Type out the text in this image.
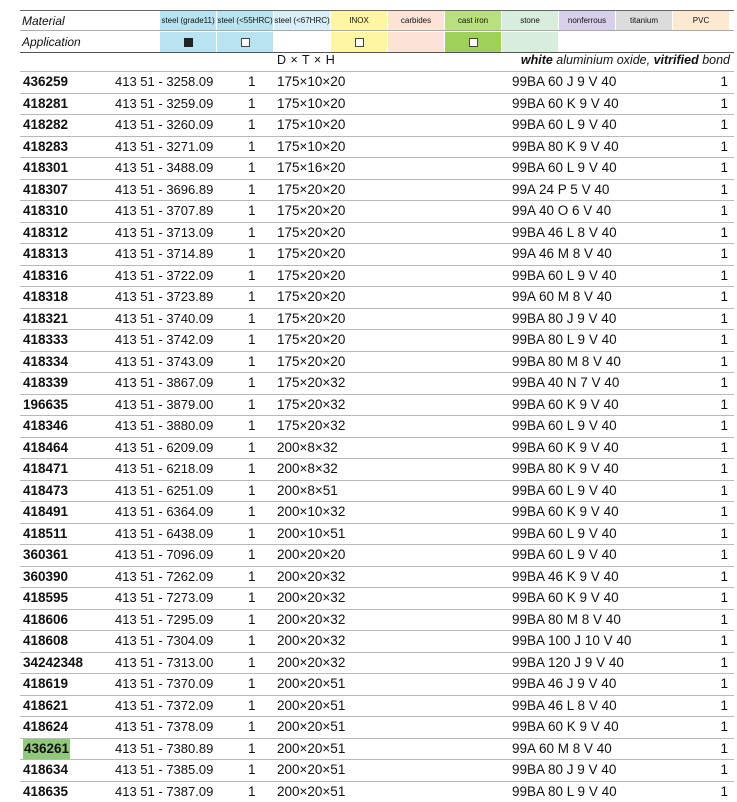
Material	steel (grade11) steel (<55HRC) steel (<67HRC)	INOX	carbides	cast iron	stone	nonferrous	titanium	PVC
Application
D × T × H	white aluminium oxide, vitrified bond
436259	413 51 - 3258.09	1 175×10×20	99BA 60 J 9 V 40	1
418281	413 51 - 3259.09	1 175×10×20	99BA 60 K 9 V 40	1
418282	413 51 - 3260.09	1 175×10×20	99BA 60 L 9 V 40	1
418283	413 51 - 3271.09	1 175×10×20	99BA 80 K 9 V 40	1
418301	413 51 - 3488.09	1 175×16×20	99BA 60 L 9 V 40	1
418307	413 51 - 3696.89	1 175×20×20	99A 24 P 5 V 40	1
418310	413 51 - 3707.89	1 175×20×20	99A 40 O 6 V 40	1
418312	413 51 - 3713.09	1 175×20×20	99BA 46 L 8 V 40	1
418313	413 51 - 3714.89	1 175×20×20	99A 46 M 8 V 40	1
418316	413 51 - 3722.09	1 175×20×20	99BA 60 L 9 V 40	1
418318	413 51 - 3723.89	1 175×20×20	99A 60 M 8 V 40	1
418321	413 51 - 3740.09	1 175×20×20	99BA 80 J 9 V 40	1
418333	413 51 - 3742.09	1 175×20×20	99BA 80 L 9 V 40	1
418334	413 51 - 3743.09	1 175×20×20	99BA 80 M 8 V 40	1
418339	413 51 - 3867.09	1 175×20×32	99BA 40 N 7 V 40	1
196635	413 51 - 3879.00	1 175×20×32	99BA 60 K 9 V 40	1
418346	413 51 - 3880.09	1 175×20×32	99BA 60 L 9 V 40	1
418464	413 51 - 6209.09	1 200×8×32	99BA 60 K 9 V 40	1
418471	413 51 - 6218.09	1 200×8×32	99BA 80 K 9 V 40	1
418473	413 51 - 6251.09	1 200×8×51	99BA 60 L 9 V 40	1
418491	413 51 - 6364.09	1 200×10×32	99BA 60 K 9 V 40	1
418511	413 51 - 6438.09	1 200×10×51	99BA 60 L 9 V 40	1
360361	413 51 - 7096.09	1 200×20×20	99BA 60 L 9 V 40	1
360390	413 51 - 7262.09	1 200×20×32	99BA 46 K 9 V 40	1
418595	413 51 - 7273.09	1 200×20×32	99BA 60 K 9 V 40	1
418606	413 51 - 7295.09	1 200×20×32	99BA 80 M 8 V 40	1
418608	413 51 - 7304.09	1 200×20×32	99BA 100 J 10 V 40	1
34242348 413 51 - 7313.00	1 200×20×32	99BA 120 J 9 V 40	1
418619	413 51 - 7370.09	1 200×20×51	99BA 46 J 9 V 40	1
418621	413 51 - 7372.09	1 200×20×51	99BA 46 L 8 V 40	1
418624	413 51 - 7378.09	1 200×20×51	99BA 60 K 9 V 40	1
436261	413 51 - 7380.89	1 200×20×51	99A 60 M 8 V 40	1
418634	413 51 - 7385.09	1 200×20×51	99BA 80 J 9 V 40	1
418635	413 51 - 7387.09	1 200×20×51	99BA 80 L 9 V 40	1
